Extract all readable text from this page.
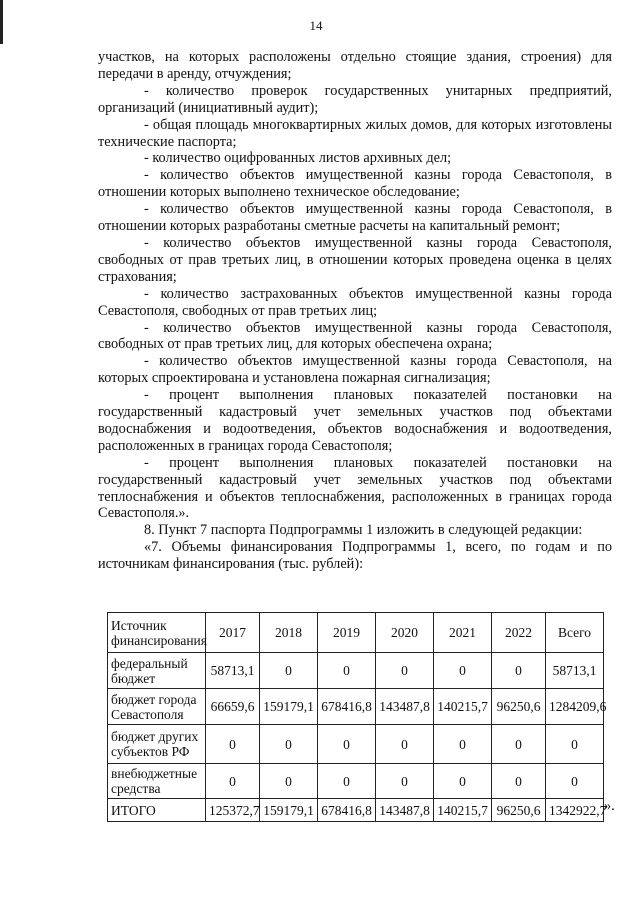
14

участков, на которых расположены отдельно стоящие здания, строения) для передачи в аренду, отчуждения;

- количество проверок государственных унитарных предприятий, организаций (инициативный аудит);

- общая площадь многоквартирных жилых домов, для которых изготовлены технические паспорта;

- количество оцифрованных листов архивных дел;

- количество объектов имущественной казны города Севастополя, в отношении которых выполнено техническое обследование;

- количество объектов имущественной казны города Севастополя, в отношении которых разработаны сметные расчеты на капитальный ремонт;

- количество объектов имущественной казны города Севастополя, свободных от прав третьих лиц, в отношении которых проведена оценка в целях страхования;

- количество застрахованных объектов имущественной казны города Севастополя, свободных от прав третьих лиц;

- количество объектов имущественной казны города Севастополя, свободных от прав третьих лиц, для которых обеспечена охрана;

- количество объектов имущественной казны города Севастополя, на которых спроектирована и установлена пожарная сигнализация;

- процент выполнения плановых показателей постановки на государственный кадастровый учет земельных участков под объектами водоснабжения и водоотведения, объектов водоснабжения и водоотведения, расположенных в границах города Севастополя;

- процент выполнения плановых показателей постановки на государственный кадастровый учет земельных участков под объектами теплоснабжения и объектов теплоснабжения, расположенных в границах города Севастополя.».

8. Пункт 7 паспорта Подпрограммы 1 изложить в следующей редакции:

«7. Объемы финансирования Подпрограммы 1, всего, по годам и по источникам финансирования (тыс. рублей):

Источник финансирования	2017	2018	2019	2020	2021	2022	Всего
федеральный бюджет	58713,1	0	0	0	0	0	58713,1
бюджет города Севастополя	66659,6	159179,1	678416,8	143487,8	140215,7	96250,6	1284209,6
бюджет других субъектов РФ	0	0	0	0	0	0	0
внебюджетные средства	0	0	0	0	0	0	0
ИТОГО	125372,7	159179,1	678416,8	143487,8	140215,7	96250,6	1342922,7
».
